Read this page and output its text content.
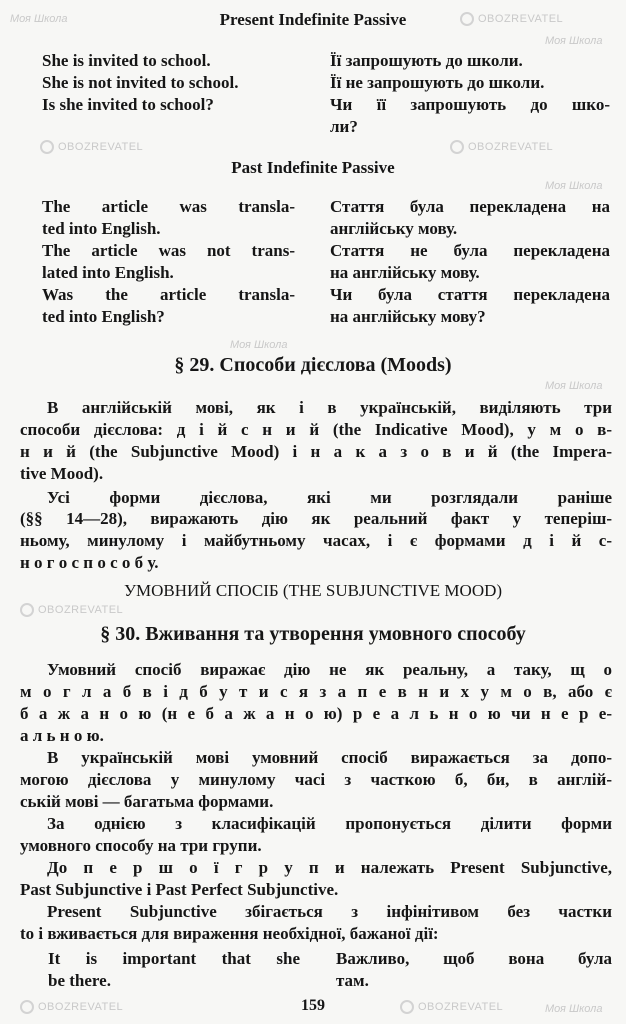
Моя Школа	OBOZREVATEL
Моя Школа
OBOZREVATEL
OBOZREVATEL
Моя Школа
Моя Школа
OBOZREVATEL
Моя Школа
OBOZREVATEL
Моя Школа
OBOZREVATEL
Present Indefinite Passive
She is invited to school.
She is not invited to school.
Is she invited to school?
Її запрошують до школи.
Її не запрошують до школи.
Чи її запрошують до шко-
ли?
Past Indefinite Passive
The article was transla-
ted into English.
The article was not trans-
lated into English.
Was the article transla-
ted into English?
Стаття була перекладена на
англійську мову.
Стаття не була перекладена
на англійську мову.
Чи була стаття перекладена
на англійську мову?
§ 29. Способи дієслова (Moods)
В англійській мові, як і в українській, виділяють три
способи дієслова: д і й с н и й (the Indicative Mood), у м о в-
н и й (the Subjunctive Mood) і н а к а з о в и й (the Impera-
tive Mood).
Усі форми дієслова, які ми розглядали раніше
(§§ 14—28), виражають дію як реальний факт у теперіш-
ньому, минулому і майбутньому часах, і є формами д і й с-
н о г о с п о с о б у.
УМОВНИЙ СПОСІБ (THE SUBJUNCTIVE MOOD)
§ 30. Вживання та утворення умовного способу
Умовний спосіб виражає дію не як реальну, а таку, щ о
м о г л а б в і д б у т и с я з а п е в н и х у м о в, або є
б а ж а н о ю (н е б а ж а н о ю) р е а л ь н о ю чи н е р е-
а л ь н о ю.
В українській мові умовний спосіб виражається за допо-
могою дієслова у минулому часі з часткою б, би, в англій-
ській мові — багатьма формами.
За однією з класифікацій пропонується ділити форми
умовного способу на три групи.
До п е р ш о ї г р у п и належать Present Subjunctive,
Past Subjunctive і Past Perfect Subjunctive.
Present Subjunctive збігається з інфінітивом без частки
to і вживається для вираження необхідної, бажаної дії:
It is important that she
be there.
Важливо, щоб вона була
там.
159
